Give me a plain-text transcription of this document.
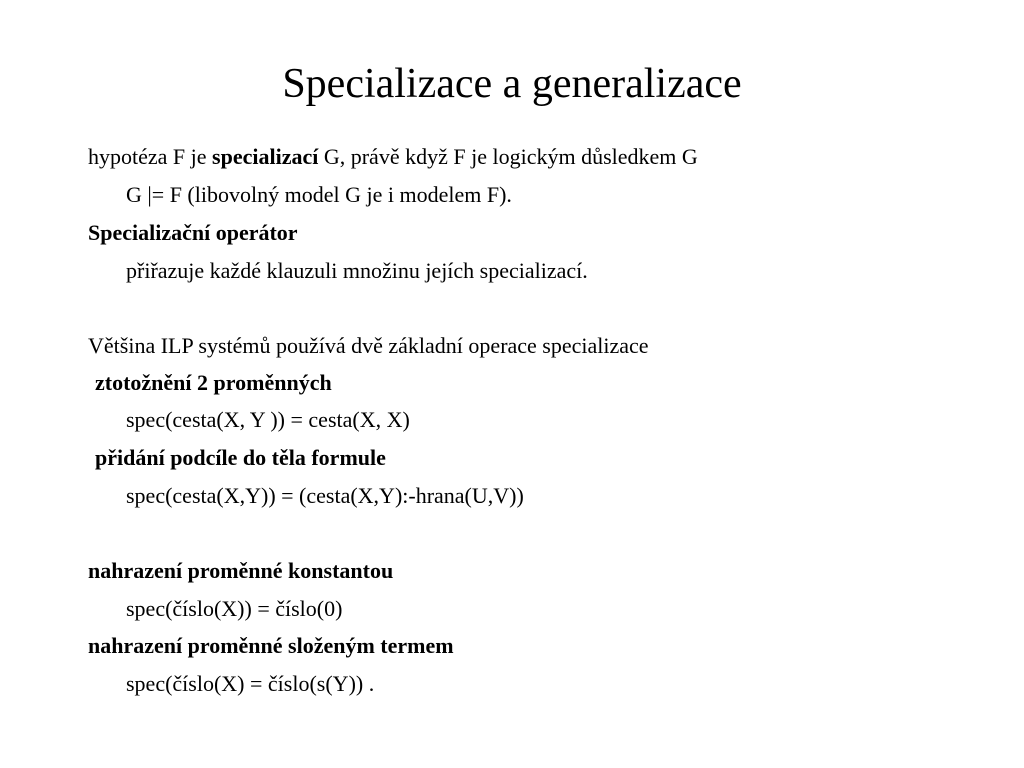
Specializace a generalizace
hypotéza F je specializací G, právě když F je logickým důsledkem G
G |= F (libovolný model G je i modelem F).
Specializační operátor
přiřazuje každé klauzuli množinu jejích specializací.
Většina ILP systémů používá dvě základní operace specializace
ztotožnění 2 proměnných
spec(cesta(X, Y )) = cesta(X, X)
přidání podcíle do těla formule
spec(cesta(X,Y)) = (cesta(X,Y):-hrana(U,V))
nahrazení proměnné konstantou
spec(číslo(X)) = číslo(0)
nahrazení proměnné složeným termem
spec(číslo(X) = číslo(s(Y)) .
